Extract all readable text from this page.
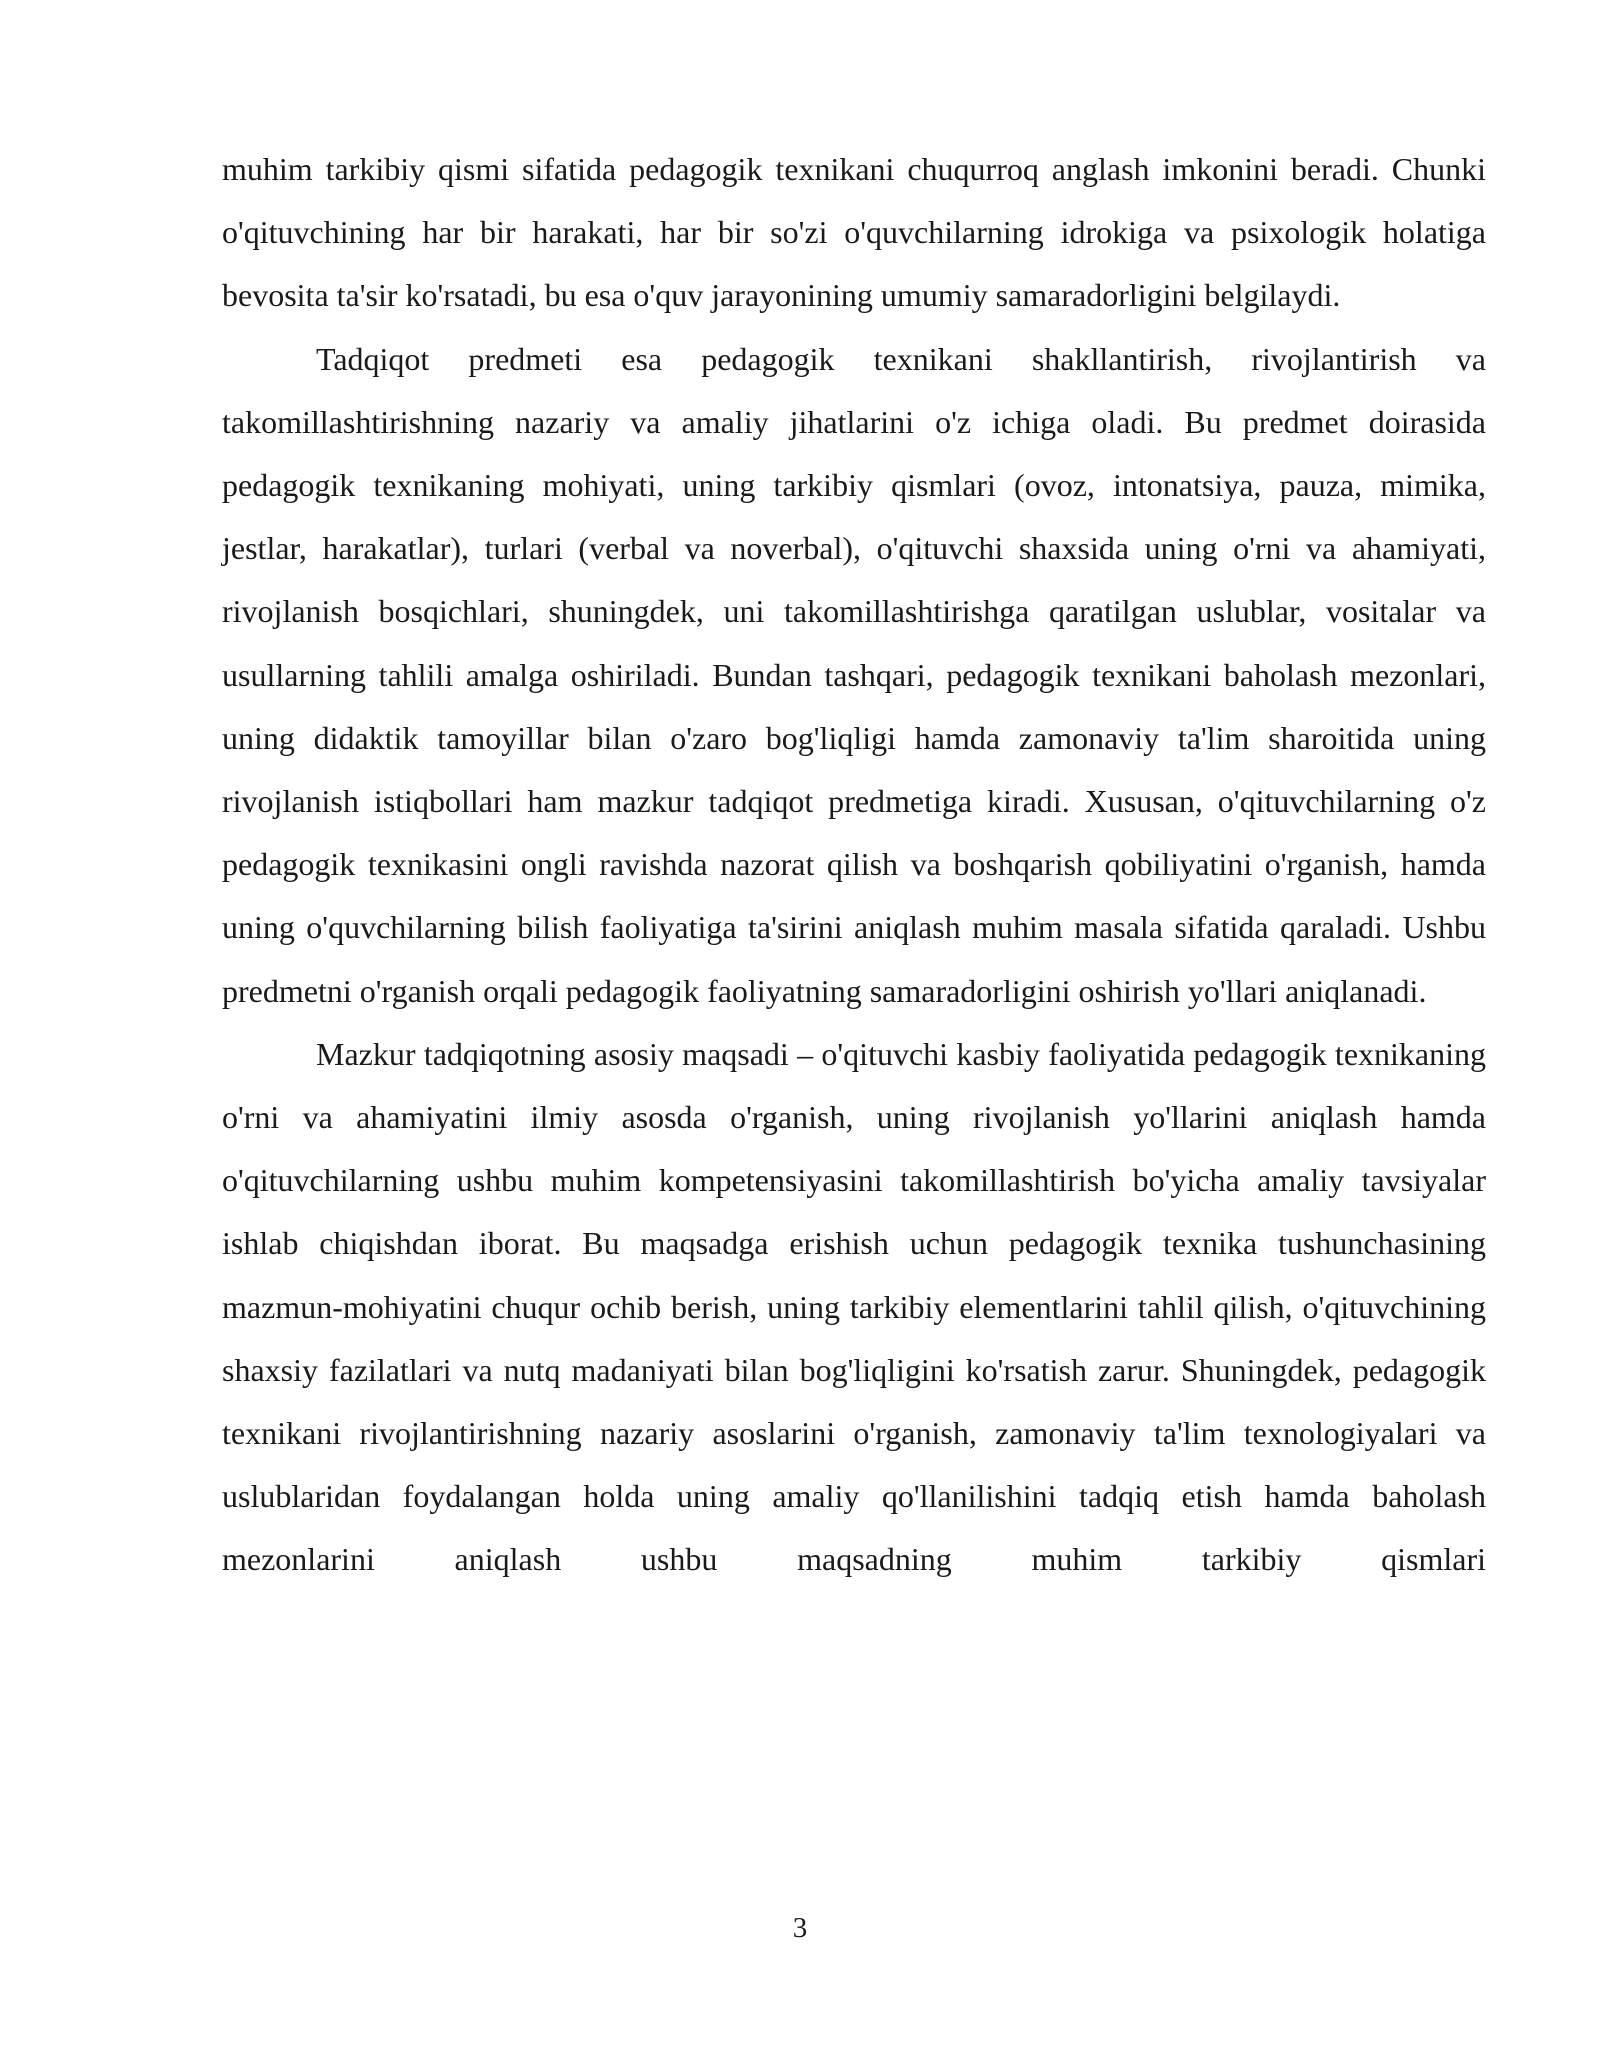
muhim tarkibiy qismi sifatida pedagogik texnikani chuqurroq anglash imkonini beradi. Chunki o'qituvchining har bir harakati, har bir so'zi o'quvchilarning idrokiga va psixologik holatiga bevosita ta'sir ko'rsatadi, bu esa o'quv jarayonining umumiy samaradorligini belgilaydi.

Tadqiqot predmeti esa pedagogik texnikani shakllantirish, rivojlantirish va takomillashtirishning nazariy va amaliy jihatlarini o'z ichiga oladi. Bu predmet doirasida pedagogik texnikaning mohiyati, uning tarkibiy qismlari (ovoz, intonatsiya, pauza, mimika, jestlar, harakatlar), turlari (verbal va noverbal), o'qituvchi shaxsida uning o'rni va ahamiyati, rivojlanish bosqichlari, shuningdek, uni takomillashtirishga qaratilgan uslublar, vositalar va usullarning tahlili amalga oshiriladi. Bundan tashqari, pedagogik texnikani baholash mezonlari, uning didaktik tamoyillar bilan o'zaro bog'liqligi hamda zamonaviy ta'lim sharoitida uning rivojlanish istiqbollari ham mazkur tadqiqot predmetiga kiradi. Xususan, o'qituvchilarning o'z pedagogik texnikasini ongli ravishda nazorat qilish va boshqarish qobiliyatini o'rganish, hamda uning o'quvchilarning bilish faoliyatiga ta'sirini aniqlash muhim masala sifatida qaraladi. Ushbu predmetni o'rganish orqali pedagogik faoliyatning samaradorligini oshirish yo'llari aniqlanadi.

Mazkur tadqiqotning asosiy maqsadi – o'qituvchi kasbiy faoliyatida pedagogik texnikaning o'rni va ahamiyatini ilmiy asosda o'rganish, uning rivojlanish yo'llarini aniqlash hamda o'qituvchilarning ushbu muhim kompetensiyasini takomillashtirish bo'yicha amaliy tavsiyalar ishlab chiqishdan iborat. Bu maqsadga erishish uchun pedagogik texnika tushunchasining mazmun-mohiyatini chuqur ochib berish, uning tarkibiy elementlarini tahlil qilish, o'qituvchining shaxsiy fazilatlari va nutq madaniyati bilan bog'liqligini ko'rsatish zarur. Shuningdek, pedagogik texnikani rivojlantirishning nazariy asoslarini o'rganish, zamonaviy ta'lim texnologiyalari va uslublaridan foydalangan holda uning amaliy qo'llanilishini tadqiq etish hamda baholash mezonlarini aniqlash ushbu maqsadning muhim tarkibiy qismlari

3
